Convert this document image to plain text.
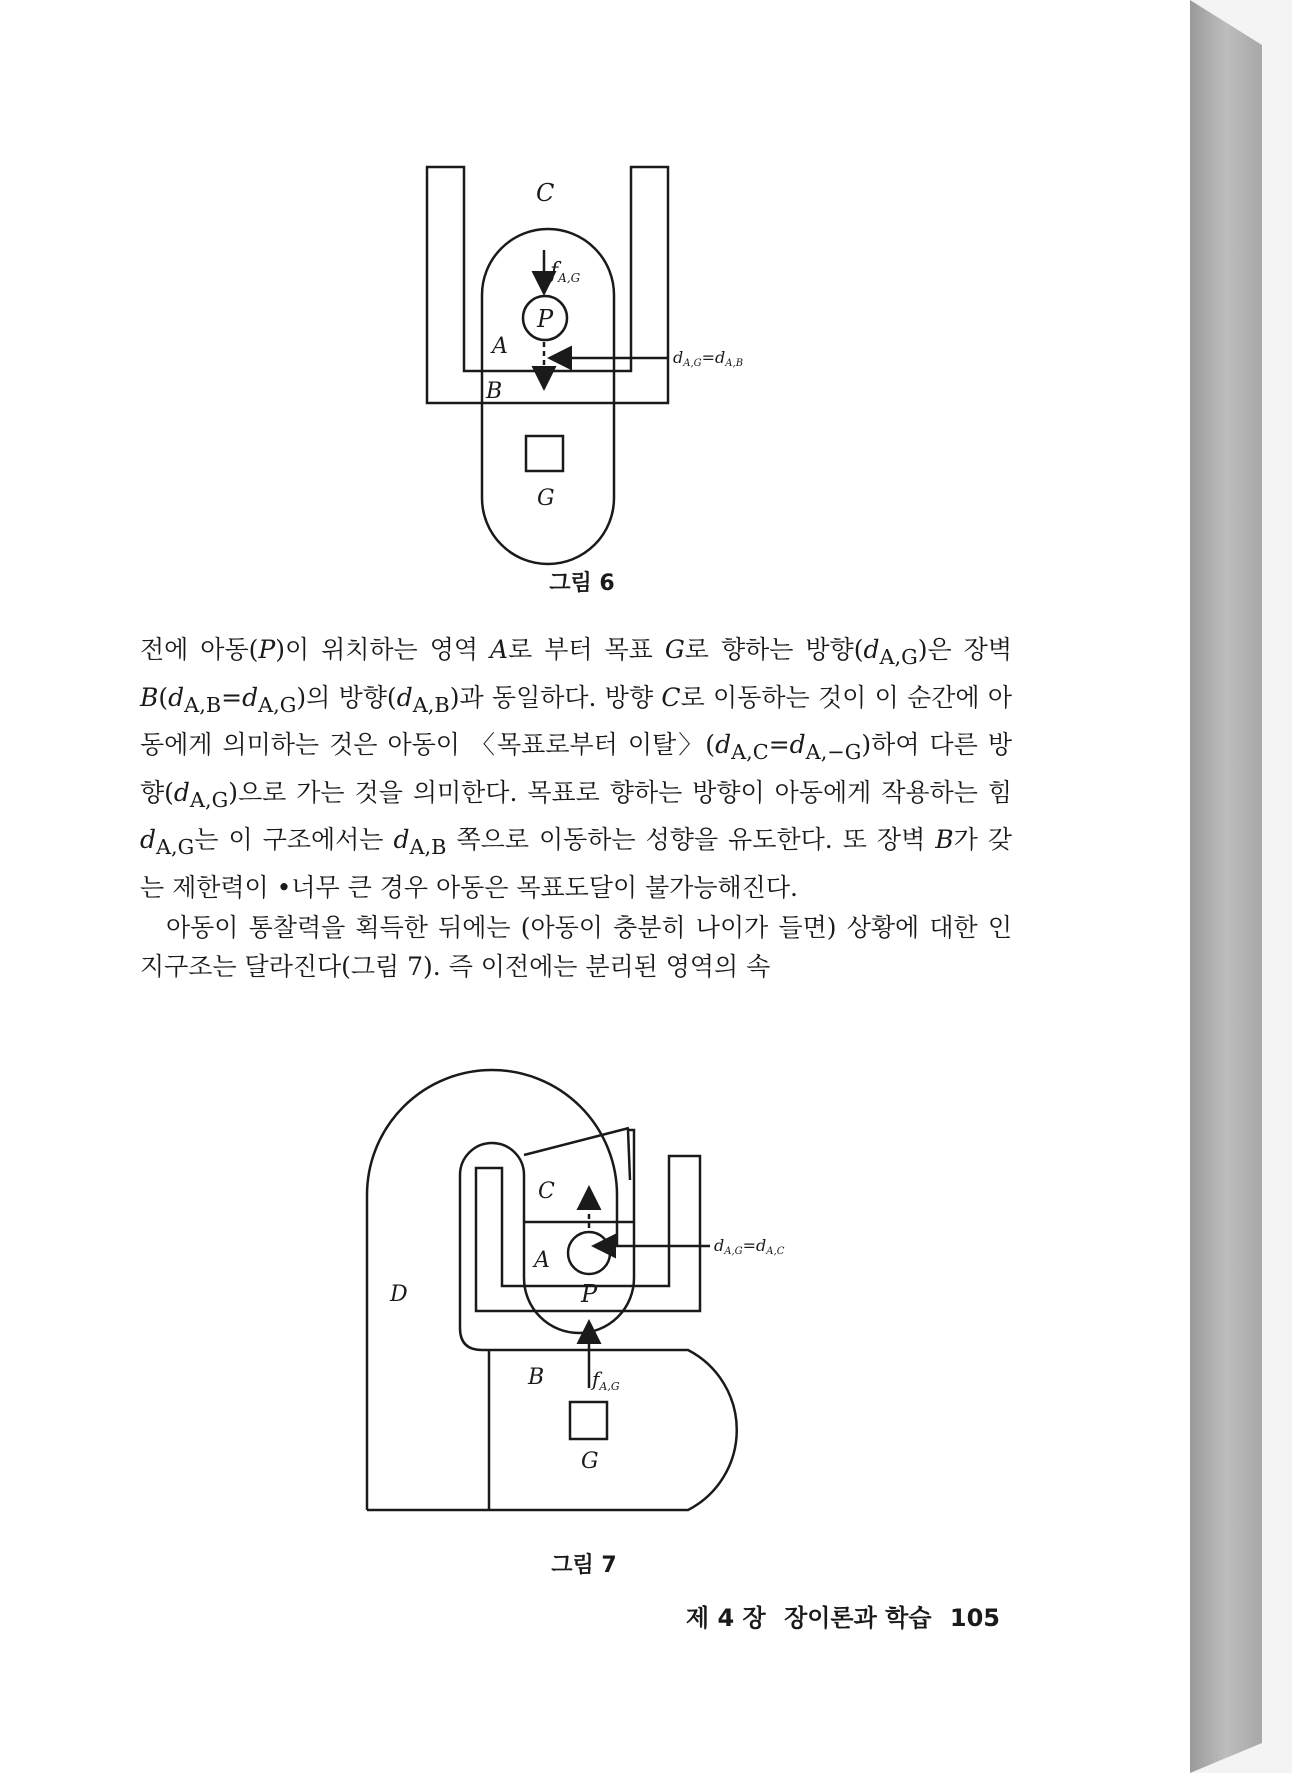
C
fA,G
P
A
B
G
dA,G=dA,B
그림 6

전에 아동(P)이 위치하는 영역 A로 부터 목표 G로 향하는 방향$(d_{A,G})$은 장벽$B(d_{A,B}=d_{A,G})$의 방향$(d_{A,B})$과 동일하다. 방향 C로 이동하는 것이 이 순간에 아동에게 의미하는 것은 아동이 〈목표로부터 이탈〉$(d_{A,C}=d_{A,-G})$하여 다른 방향$(d_{A,G})$으로 가는 것을 의미한다. 목표로 향하는 방향이 아동에게 작용하는 힘$d_{A,G}$는 이 구조에서는 $d_{A,B}$ 쪽으로 이동하는 성향을 유도한다. 또 장벽 B가 갖는 제한력이 •너무 큰 경우 아동은 목표도달이 불가능해진다.

아동이 통찰력을 획득한 뒤에는 (아동이 충분히 나이가 들면) 상황에 대한 인지구조는 달라진다(그림 7). 즉 이전에는 분리된 영역의 속

C
A
P
D
B $f_{A,G}$
G
dA,G=dA,C
그림 7
제 4 장 장이론과 학습 105
